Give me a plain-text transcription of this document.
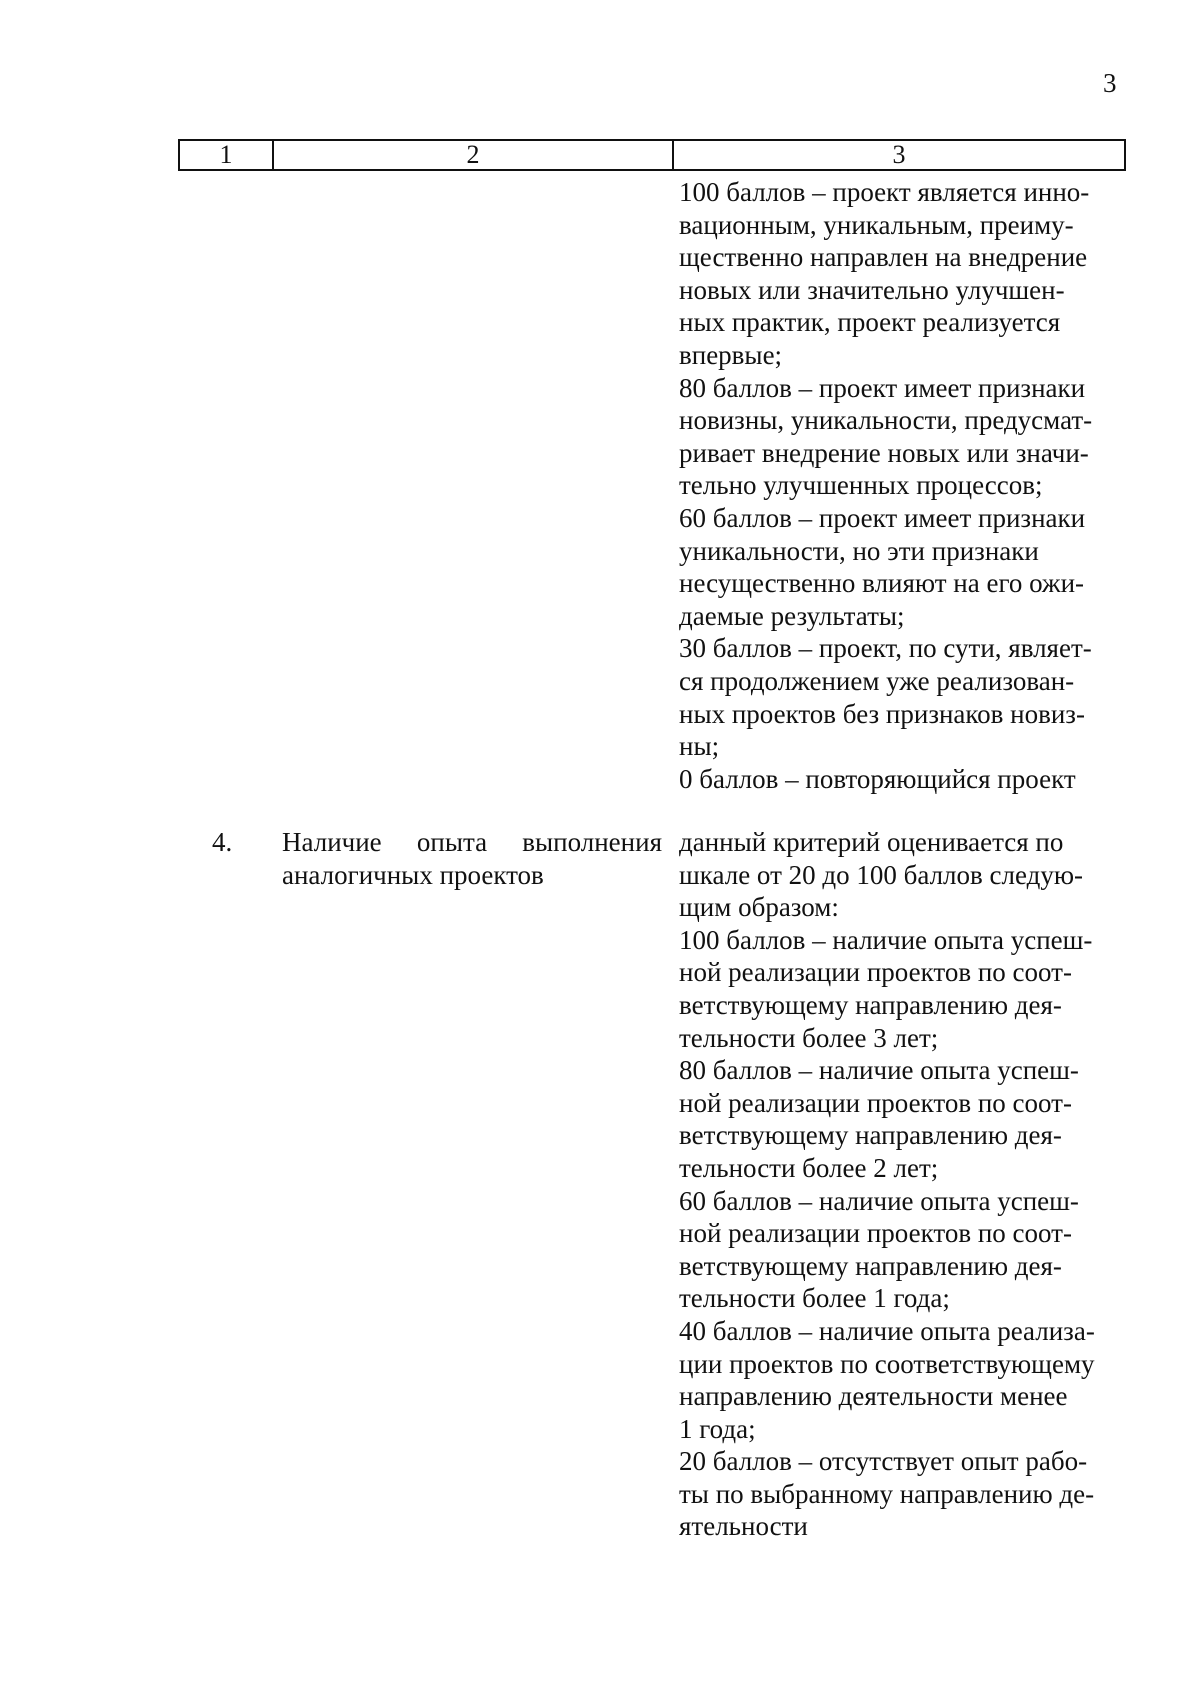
3
1	2	3

100 баллов – проект является инно-

вационным, уникальным, преиму-

щественно направлен на внедрение

новых или значительно улучшен-

ных практик, проект реализуется

впервые;

80 баллов – проект имеет признаки

новизны, уникальности, предусмат-

ривает внедрение новых или значи-

тельно улучшенных процессов;

60 баллов – проект имеет признаки

уникальности, но эти признаки

несущественно влияют на его ожи-

даемые результаты;

30 баллов – проект, по сути, являет-

ся продолжением уже реализован-

ных проектов без признаков новиз-

ны;

0 баллов – повторяющийся проект

4. Наличие опыта выполнения
аналогичных проектов

данный критерий оценивается по

шкале от 20 до 100 баллов следую-

щим образом:

100 баллов – наличие опыта успеш-

ной реализации проектов по соот-

ветствующему направлению дея-

тельности более 3 лет;

80 баллов – наличие опыта успеш-

ной реализации проектов по соот-

ветствующему направлению дея-

тельности более 2 лет;

60 баллов – наличие опыта успеш-

ной реализации проектов по соот-

ветствующему направлению дея-

тельности более 1 года;

40 баллов – наличие опыта реализа-

ции проектов по соответствующему

направлению деятельности менее

1 года;

20 баллов – отсутствует опыт рабо-

ты по выбранному направлению де-

ятельности
